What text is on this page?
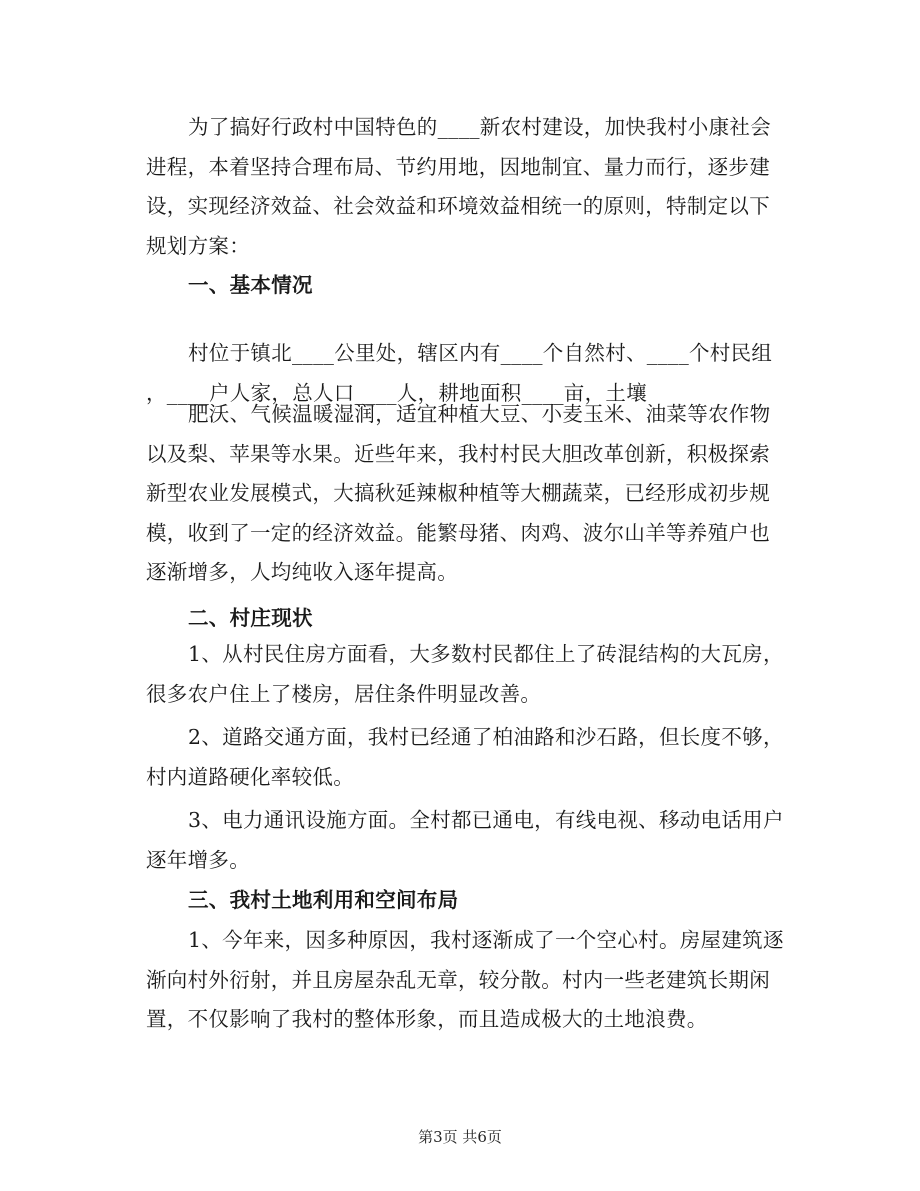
为了搞好行政村中国特色的____新农村建设，加快我村小康社会
进程，本着坚持合理布局、节约用地，因地制宜、量力而行，逐步建
设，实现经济效益、社会效益和环境效益相统一的原则，特制定以下
规划方案：
一、基本情况
村位于镇北____公里处，辖区内有____个自然村、____个村民组
，____户人家，总人口____人，耕地面积____亩，土壤
肥沃、气候温暖湿润，适宜种植大豆、小麦玉米、油菜等农作物
以及梨、苹果等水果。近些年来，我村村民大胆改革创新，积极探索
新型农业发展模式，大搞秋延辣椒种植等大棚蔬菜，已经形成初步规
模，收到了一定的经济效益。能繁母猪、肉鸡、波尔山羊等养殖户也
逐渐增多，人均纯收入逐年提高。
二、村庄现状
1、从村民住房方面看，大多数村民都住上了砖混结构的大瓦房，
很多农户住上了楼房，居住条件明显改善。
2、道路交通方面，我村已经通了柏油路和沙石路，但长度不够，
村内道路硬化率较低。
3、电力通讯设施方面。全村都已通电，有线电视、移动电话用户
逐年增多。
三、我村土地利用和空间布局
1、今年来，因多种原因，我村逐渐成了一个空心村。房屋建筑逐
渐向村外衍射，并且房屋杂乱无章，较分散。村内一些老建筑长期闲
置，不仅影响了我村的整体形象，而且造成极大的土地浪费。
第3页 共6页
